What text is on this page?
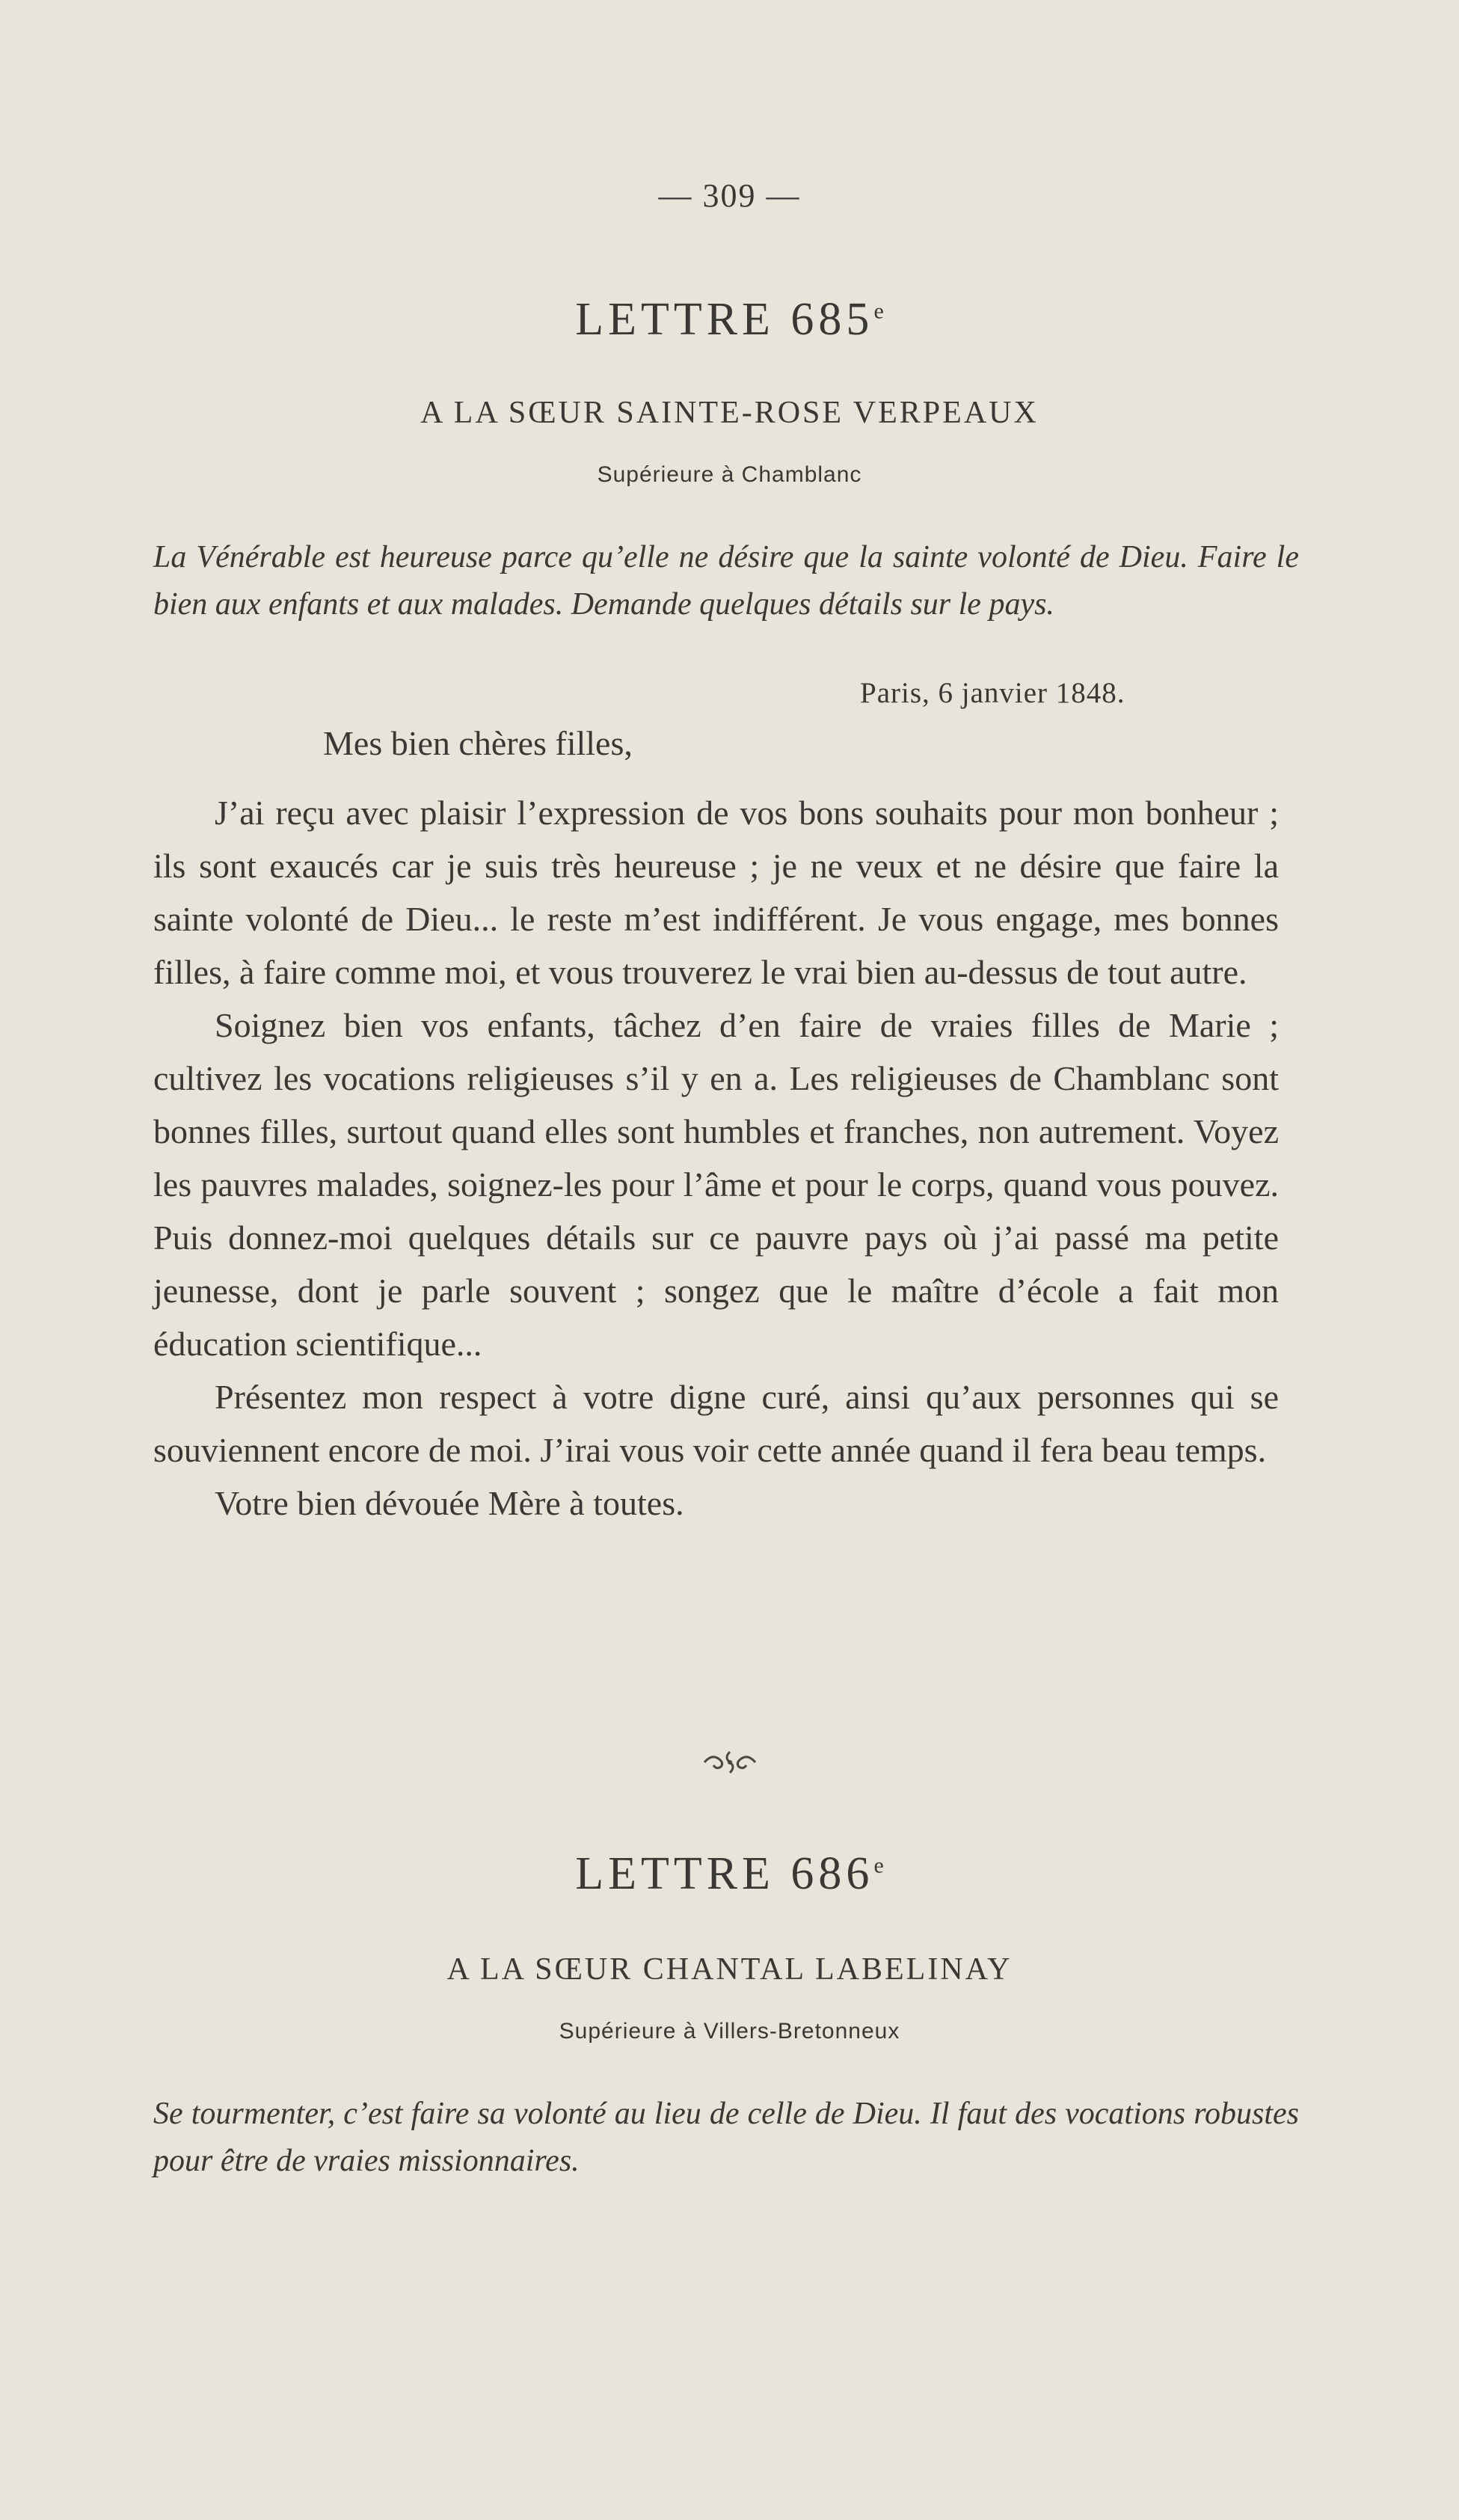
— 309 —
LETTRE 685e
A LA SŒUR SAINTE-ROSE VERPEAUX
Supérieure à Chamblanc

La Vénérable est heureuse parce qu’elle ne désire que la sainte volonté de Dieu. Faire le bien aux enfants et aux malades. Demande quelques détails sur le pays.

Paris, 6 janvier 1848.
Mes bien chères filles,

J’ai reçu avec plaisir l’expression de vos bons souhaits pour mon bonheur ; ils sont exaucés car je suis très heureuse ; je ne veux et ne désire que faire la sainte volonté de Dieu... le reste m’est indifférent. Je vous engage, mes bonnes filles, à faire comme moi, et vous trouverez le vrai bien au-dessus de tout autre.

Soignez bien vos enfants, tâchez d’en faire de vraies filles de Marie ; cultivez les vocations religieuses s’il y en a. Les religieuses de Chamblanc sont bonnes filles, surtout quand elles sont humbles et franches, non autrement. Voyez les pauvres malades, soignez-les pour l’âme et pour le corps, quand vous pouvez. Puis donnez-moi quelques détails sur ce pauvre pays où j’ai passé ma petite jeunesse, dont je parle souvent ; songez que le maître d’école a fait mon éducation scientifique...

Présentez mon respect à votre digne curé, ainsi qu’aux personnes qui se souviennent encore de moi. J’irai vous voir cette année quand il fera beau temps.

Votre bien dévouée Mère à toutes.

LETTRE 686e
A LA SŒUR CHANTAL LABELINAY
Supérieure à Villers-Bretonneux

Se tourmenter, c’est faire sa volonté au lieu de celle de Dieu. Il faut des vocations robustes pour être de vraies missionnaires.
